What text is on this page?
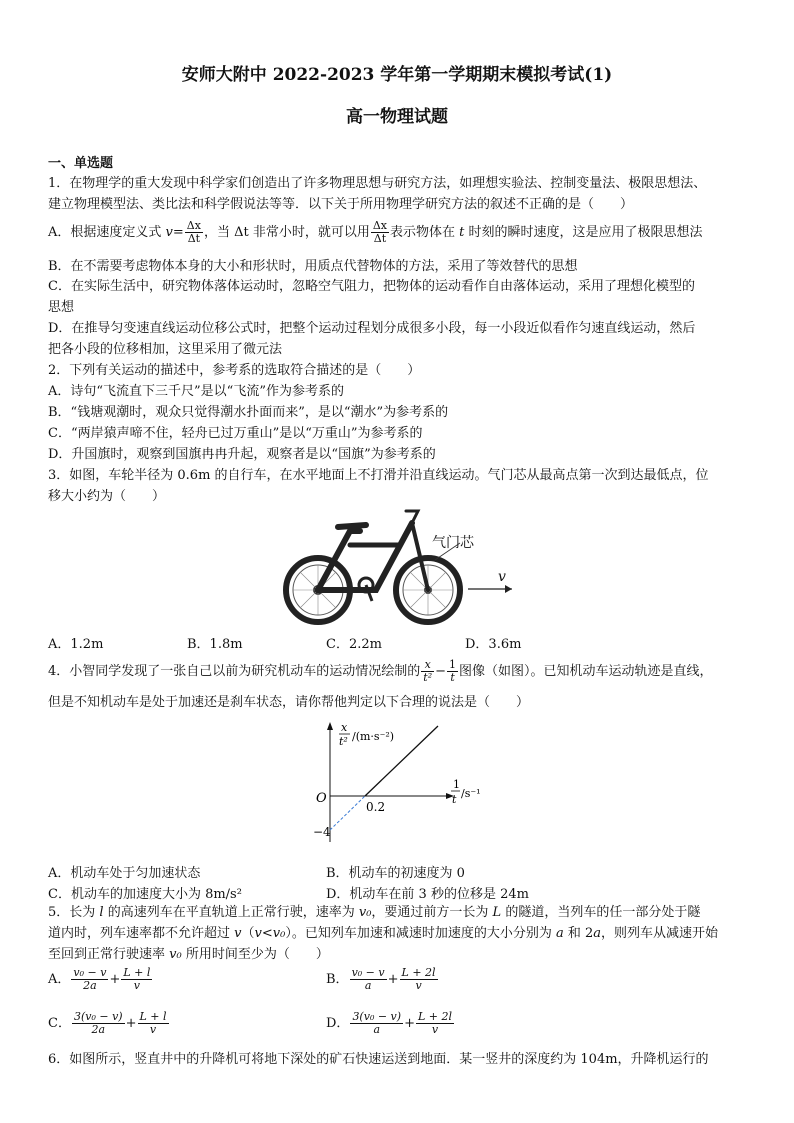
安师大附中 2022-2023 学年第一学期期末模拟考试(1)
高一物理试题
一、单选题
1．在物理学的重大发现中科学家们创造出了许多物理思想与研究方法，如理想实验法、控制变量法、极限思想法、
建立物理模型法、类比法和科学假说法等等．以下关于所用物理学研究方法的叙述不正确的是（　　）
A．根据速度定义式 $v= \frac{\Delta x}{\Delta t}$ ，当 Δt 非常小时，就可以用 $\frac{\Delta x}{\Delta t}$ 表示物体在 t 时刻的瞬时速度，这是应用了极限思想法
B．在不需要考虑物体本身的大小和形状时，用质点代替物体的方法，采用了等效替代的思想
C．在实际生活中，研究物体落体运动时，忽略空气阻力，把物体的运动看作自由落体运动，采用了理想化模型的
思想
D．在推导匀变速直线运动位移公式时，把整个运动过程划分成很多小段，每一小段近似看作匀速直线运动，然后
把各小段的位移相加，这里采用了微元法
2．下列有关运动的描述中，参考系的选取符合描述的是（　　）
A．诗句“飞流直下三千尺”是以“飞流”作为参考系的
B．“钱塘观潮时，观众只觉得潮水扑面而来”，是以“潮水”为参考系的
C．“两岸猿声啼不住，轻舟已过万重山”是以“万重山”为参考系的
D．升国旗时，观察到国旗冉冉升起，观察者是以“国旗”为参考系的
3．如图，车轮半径为 0.6m 的自行车，在水平地面上不打滑并沿直线运动。气门芯从最高点第一次到达最低点，位
移大小约为（　　）
气门芯
v
A．1.2m	B．1.8m	C．2.2m	D．3.6m
4．小智同学发现了一张自己以前为研究机动车的运动情况绘制的 $\frac{x}{\text{t²}} - \frac{1}{t}$ 图像（如图）。已知机动车运动轨迹是直线，
但是不知机动车是处于加速还是刹车状态，请你帮他判定以下合理的说法是（　　）
x
t² /(m·s⁻²)
1
t /s⁻¹
O
0.2
−4
A．机动车处于匀加速状态	B．机动车的初速度为 0
C．机动车的加速度大小为 8m/s²	D．机动车在前 3 秒的位移是 24m
5．长为 l 的高速列车在平直轨道上正常行驶，速率为 v₀，要通过前方一长为 L 的隧道，当列车的任一部分处于隧
道内时，列车速率都不允许超过 v（v<v₀）。已知列车加速和减速时加速度的大小分别为 a 和 2a，则列车从减速开始
至回到正常行驶速率 v₀ 所用时间至少为（　　）
A． $\frac{\text{v₀ − v}}{2a} + \frac{L + l}{v}$	B． $\frac{\text{v₀ − v}}{a} + \frac{L + 2l}{v}$
C． $\frac{\text{3(v₀ − v)}}{2a} + \frac{L + l}{v}$	D． $\frac{\text{3(v₀ − v)}}{a} + \frac{L + 2l}{v}$
6．如图所示，竖直井中的升降机可将地下深处的矿石快速运送到地面．某一竖井的深度约为 104m，升降机运行的
